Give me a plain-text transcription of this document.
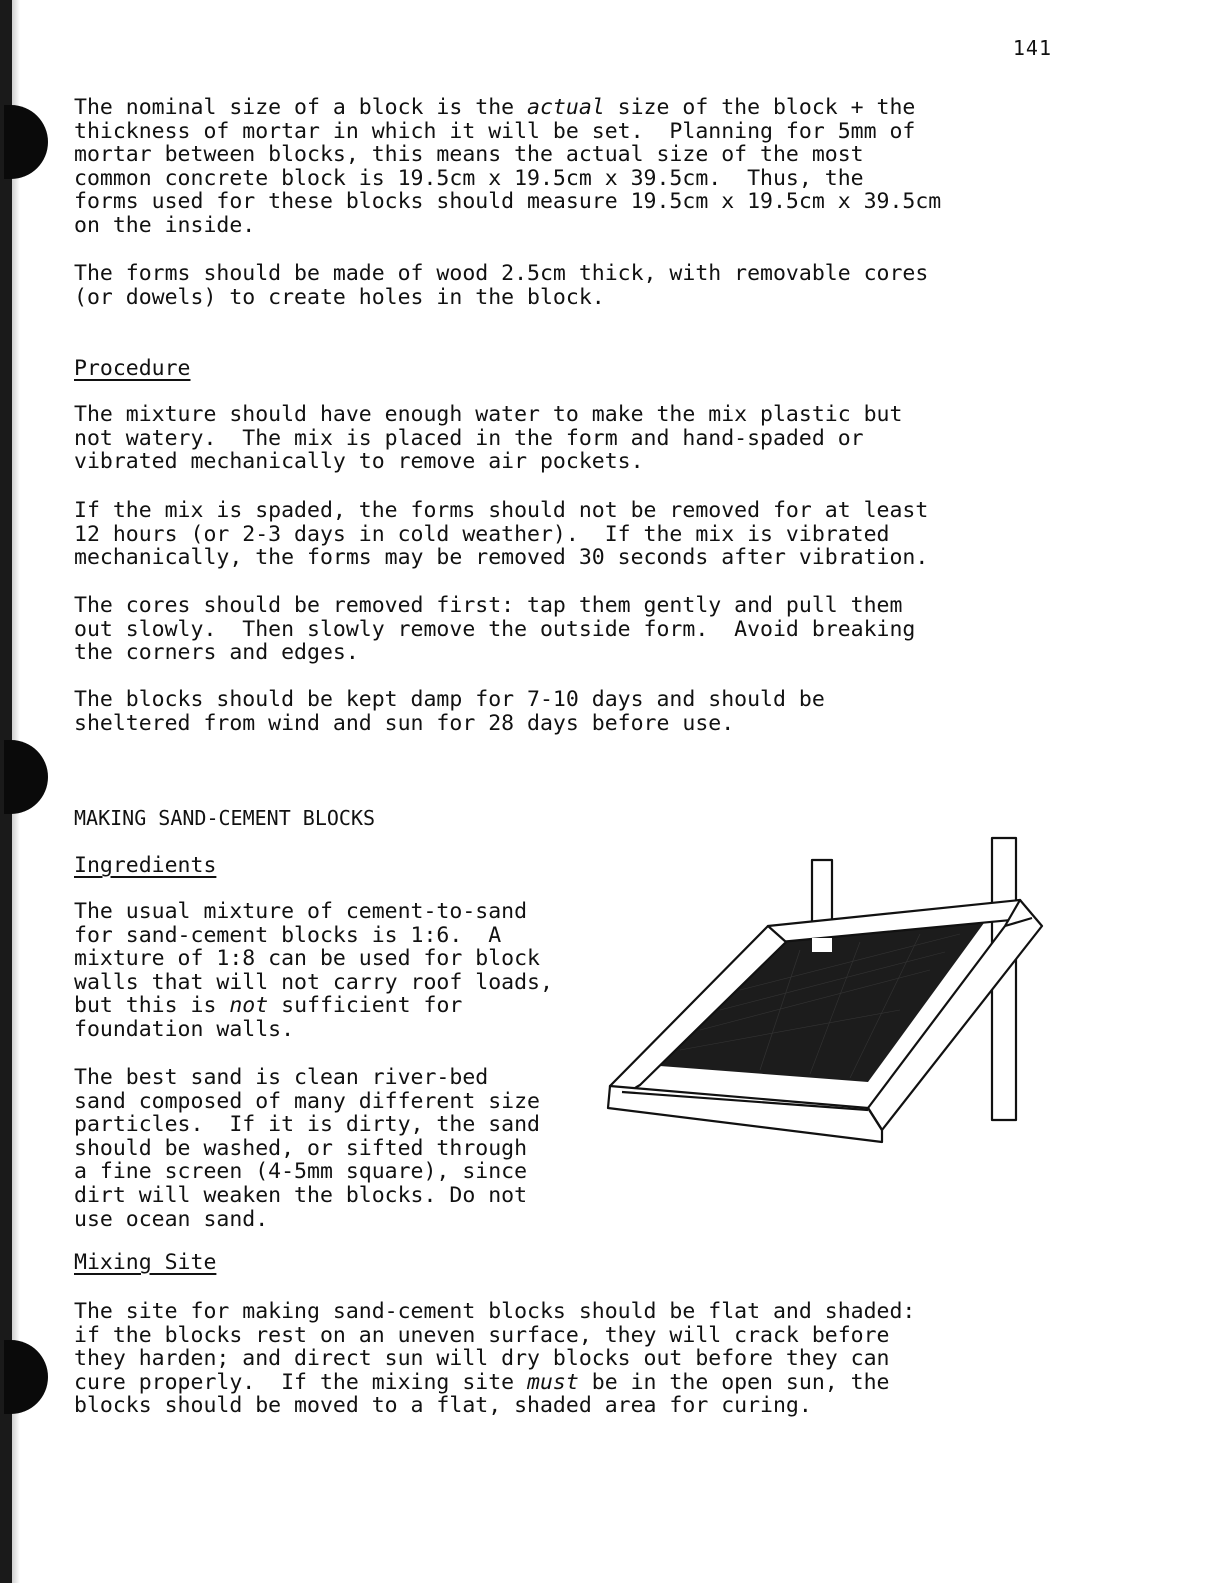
141
The nominal size of a block is the actual size of the block + the
thickness of mortar in which it will be set.  Planning for 5mm of
mortar between blocks, this means the actual size of the most
common concrete block is 19.5cm x 19.5cm x 39.5cm.  Thus, the
forms used for these blocks should measure 19.5cm x 19.5cm x 39.5cm
on the inside.
The forms should be made of wood 2.5cm thick, with removable cores
(or dowels) to create holes in the block.
Procedure
The mixture should have enough water to make the mix plastic but
not watery.  The mix is placed in the form and hand-spaded or
vibrated mechanically to remove air pockets.
If the mix is spaded, the forms should not be removed for at least
12 hours (or 2-3 days in cold weather).  If the mix is vibrated
mechanically, the forms may be removed 30 seconds after vibration.
The cores should be removed first: tap them gently and pull them
out slowly.  Then slowly remove the outside form.  Avoid breaking
the corners and edges.
The blocks should be kept damp for 7-10 days and should be
sheltered from wind and sun for 28 days before use.
MAKING SAND-CEMENT BLOCKS
Ingredients
The usual mixture of cement-to-sand
for sand-cement blocks is 1:6.  A
mixture of 1:8 can be used for block
walls that will not carry roof loads,
but this is not sufficient for
foundation walls.
The best sand is clean river-bed
sand composed of many different size
particles.  If it is dirty, the sand
should be washed, or sifted through
a fine screen (4-5mm square), since
dirt will weaken the blocks. Do not
use ocean sand.
Mixing Site
The site for making sand-cement blocks should be flat and shaded:
if the blocks rest on an uneven surface, they will crack before
they harden; and direct sun will dry blocks out before they can
cure properly.  If the mixing site must be in the open sun, the
blocks should be moved to a flat, shaded area for curing.
